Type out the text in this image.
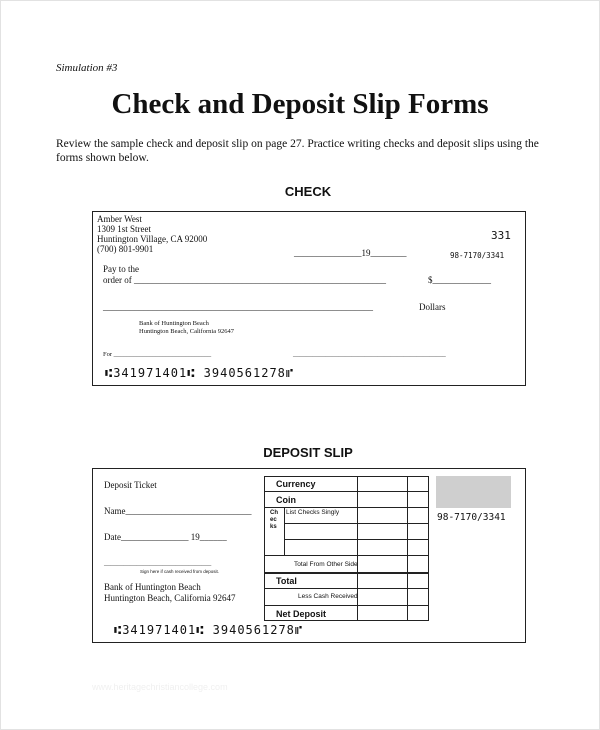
Simulation #3
Check and Deposit Slip Forms
Review the sample check and deposit slip on page 27. Practice writing checks and deposit slips using the forms shown below.
CHECK
Amber West
1309 1st Street
Huntington Village, CA 92000
(700) 801-9901
331
_______________19________	98-7170/3341
Pay to the
order of ________________________________________________________	$_____________
____________________________________________________________	Dollars
Bank of Huntington Beach
Huntington Beach, California 92647
For ______________________________	_______________________________________________
⑆341971401⑆ 3940561278⑈
DEPOSIT SLIP
Deposit Ticket
Name____________________________
Date_______________ 19______
_________________________________
Sign here if cash received from deposit.
Bank of Huntington Beach
Huntington Beach, California 92647
⑆341971401⑆ 3940561278⑈
98-7170/3341
Currency
Coin
Checks
List Checks Singly
Total From Other Side
Total
Less Cash Received
Net Deposit
www.heritagechristiancollege.com
